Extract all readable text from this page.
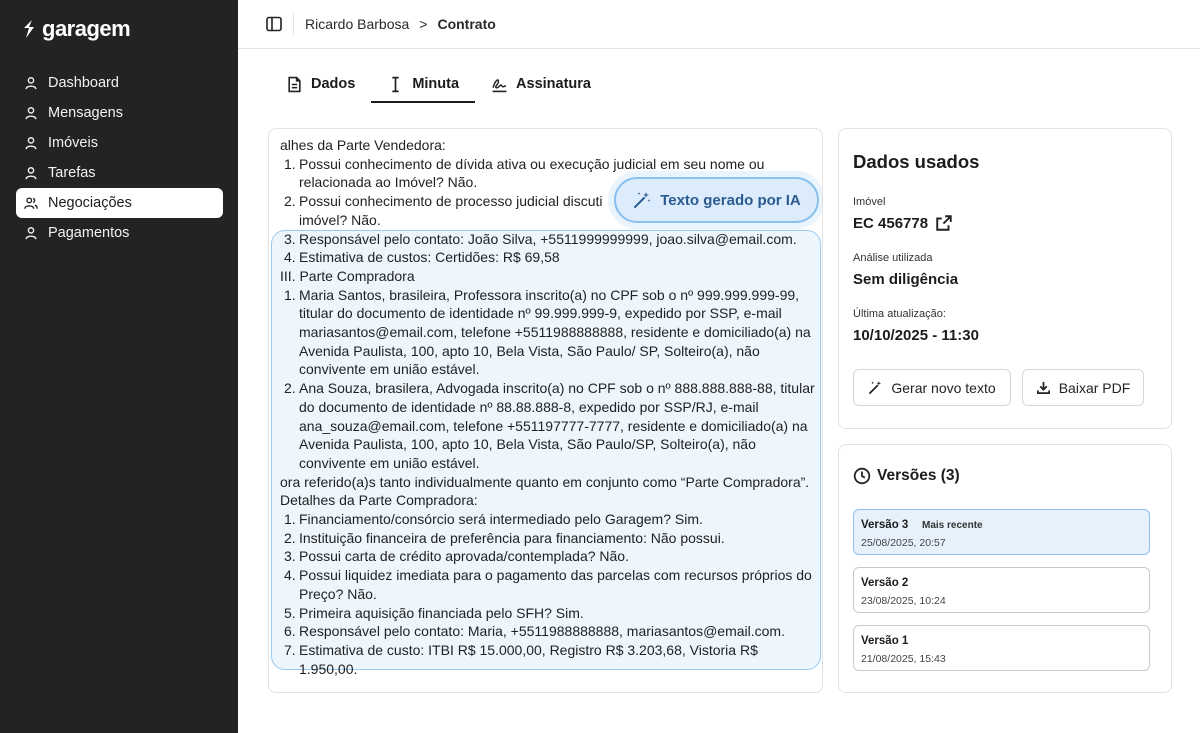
garagem
Dashboard
Mensagens
Imóveis
Tarefas
Negociações
Pagamentos
Ricardo Barbosa > Contrato
Dados	Minuta	Assinatura
alhes da Parte Vendedora:
1. Possui conhecimento de dívida ativa ou execução judicial em seu nome ou relacionada ao Imóvel? Não.
2. Possui conhecimento de processo judicial discuti
imóvel? Não.
3. Responsável pelo contato: João Silva, +5511999999999, joao.silva@email.com.
4. Estimativa de custos: Certidões: R$ 69,58
III. Parte Compradora
1. Maria Santos, brasileira, Professora inscrito(a) no CPF sob o nº 999.999.999-99, titular do documento de identidade nº 99.999.999-9, expedido por SSP, e-mail mariasantos@email.com, telefone +5511988888888, residente e domiciliado(a) na Avenida Paulista, 100, apto 10, Bela Vista, São Paulo/ SP, Solteiro(a), não convivente em união estável.
2. Ana Souza, brasilera, Advogada inscrito(a) no CPF sob o nº 888.888.888-88, titular do documento de identidade nº 88.88.888-8, expedido por SSP/RJ, e-mail ana_souza@email.com, telefone +551197777-7777, residente e domiciliado(a) na Avenida Paulista, 100, apto 10, Bela Vista, São Paulo/SP, Solteiro(a), não convivente em união estável.
ora referido(a)s tanto individualmente quanto em conjunto como “Parte Compradora”.
Detalhes da Parte Compradora:
1. Financiamento/consórcio será intermediado pelo Garagem? Sim.
2. Instituição financeira de preferência para financiamento: Não possui.
3. Possui carta de crédito aprovada/contemplada? Não.
4. Possui liquidez imediata para o pagamento das parcelas com recursos próprios do Preço? Não.
5. Primeira aquisição financiada pelo SFH? Sim.
6. Responsável pelo contato: Maria, +5511988888888, mariasantos@email.com.
7. Estimativa de custo: ITBI R$ 15.000,00, Registro R$ 3.203,68, Vistoria R$ 1.950,00.
Texto gerado por IA
Dados usados
Imóvel
EC 456778
Análise utilizada
Sem diligência
Última atualização:
10/10/2025 - 11:30
Gerar novo texto	Baixar PDF
Versões (3)
Versão 3 Mais recente
25/08/2025, 20:57
Versão 2
23/08/2025, 10:24
Versão 1
21/08/2025, 15:43
